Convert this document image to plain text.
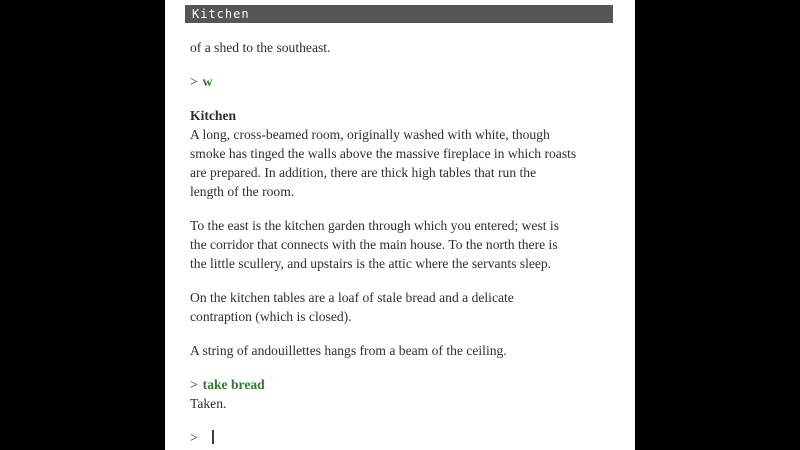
Kitchen
of a shed to the southeast.
> w
Kitchen
A long, cross-beamed room, originally washed with white, though
smoke has tinged the walls above the massive fireplace in which roasts
are prepared. In addition, there are thick high tables that run the
length of the room.
To the east is the kitchen garden through which you entered; west is
the corridor that connects with the main house. To the north there is
the little scullery, and upstairs is the attic where the servants sleep.
On the kitchen tables are a loaf of stale bread and a delicate
contraption (which is closed).
A string of andouillettes hangs from a beam of the ceiling.
> take bread
Taken.
>
